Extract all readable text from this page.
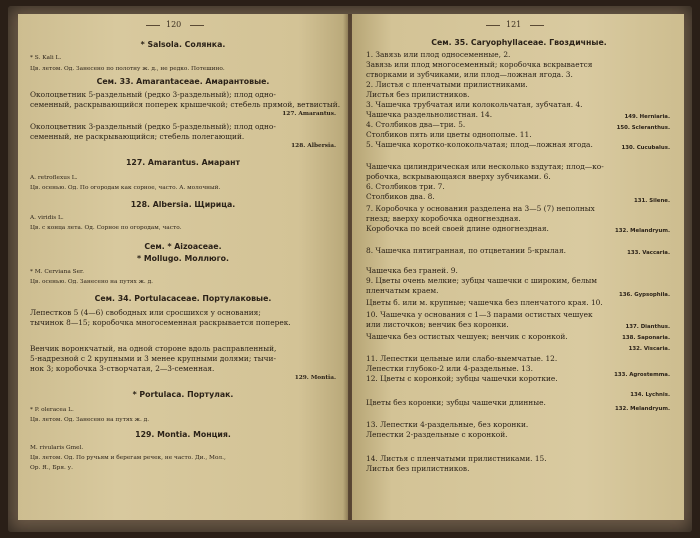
120
* Salsola. Солянка.
* S. Kali L.
Цв. летом. Од. Занесено по полотну ж. д., не редко. Потешино.
Сем. 33. Amarantaceae. Амарантовые.
Околоцветник 5-раздельный (редко 3-раздельный); плод одно-
семенный, раскрывающийся поперек крышечкой; стебель прямой, ветвистый.
127. Amarantus.
Околоцветник 3-раздельный (редко 5-раздельный); плод одно-
семенный, не раскрывающийся; стебель полегающий.
128. Albersia.
127. Amarantus. Амарант
A. retroflexus L.
Цв. осенью. Од. По огородам как сорное, часто. A. молочный.
128. Albersia. Щирица.
A. viridis L.
Цв. с конца лета. Од. Сорное по огородам, часто.
Сем. * Aizoaceae.
* Mollugo. Моллюго.
* M. Cerviana Ser.
Цв. осенью. Од. Занесено на путях ж. д.
Сем. 34. Portulacaceae. Портулаковые.
Лепестков 5 (4—6) свободных или сросшихся у основания;
тычинок 8—15; коробочка многосеменная раскрывается поперек.
Венчик воронкчатый, на одной стороне вдоль расправленный,
5-надрезной с 2 крупными и 3 менее крупными долями; тычи-
нок 3; коробочка 3-створчатая, 2—3-семенная.
129. Montia.
* Portulaca. Портулак.
* P. oleracea L.
Цв. летом. Од. Занесено на путях ж. д.
129. Montia. Монция.
M. rivularis Gmel.
Цв. летом. Од. По ручьям и берегам речек, не часто. Ди., Мол.,
Ор. Я., Бря. у.
121
Сем. 35. Caryophyllaceae. Гвоздичные.
1. Завязь или плод односеменные, 2.
Завязь или плод многосеменный; коробочка вскрывается
створками и зубчиками, или плод—ложная ягода. 3.
2. Листья с пленчатыми прилистниками.
Листья без прилистников.
3. Чашечка трубчатая или колокольчатая, зубчатая. 4.
Чашечка раздельнолистная. 14.
4. Столбиков два—три. 5.
Столбиков пять или цветы однополые. 11.
5. Чашечка коротко-колокольчатая; плод—ложная ягода.
Чашечка цилиндрическая или несколько вздутая; плод—ко-
робочка, вскрывающаяся вверху зубчиками. 6.
6. Столбиков три. 7.
Столбиков два. 8.
7. Коробочка у основания разделена на 3—5 (7) неполных
гнезд; вверху коробочка одногнездная.
Коробочка по всей своей длине одногнездная.
8. Чашечка пятигранная, по отцветании 5-крылая.
Чашечка без граней. 9.
9. Цветы очень мелкие; зубцы чашечки с широким, белым
пленчатым краем.
Цветы б. или м. крупные; чашечка без пленчатого края. 10.
10. Чашечка у основания с 1—3 парами остистых чешуек
или листочков; венчик без коронки.
Чашечка без остистых чешуек; венчик с коронкой.
11. Лепестки цельные или слабо-выемчатые. 12.
Лепестки глубоко-2 или 4-раздельные. 13.
12. Цветы с коронкой; зубцы чашечки короткие.
Цветы без коронки; зубцы чашечки длинные.
13. Лепестки 4-раздельные, без коронки.
Лепестки 2-раздельные с коронкой.
14. Листья с пленчатыми прилистниками. 15.
Листья без прилистников.
149. Herniaria.
150. Scleranthus.
130. Cucubalus.
131. Silene.
132. Melandryum.
133. Vaccaria.
136. Gypsophila.
137. Dianthus.
138. Saponaria.
132. Viscaria.
133. Agrostemma.
134. Lychnis.
132. Melandryum.
